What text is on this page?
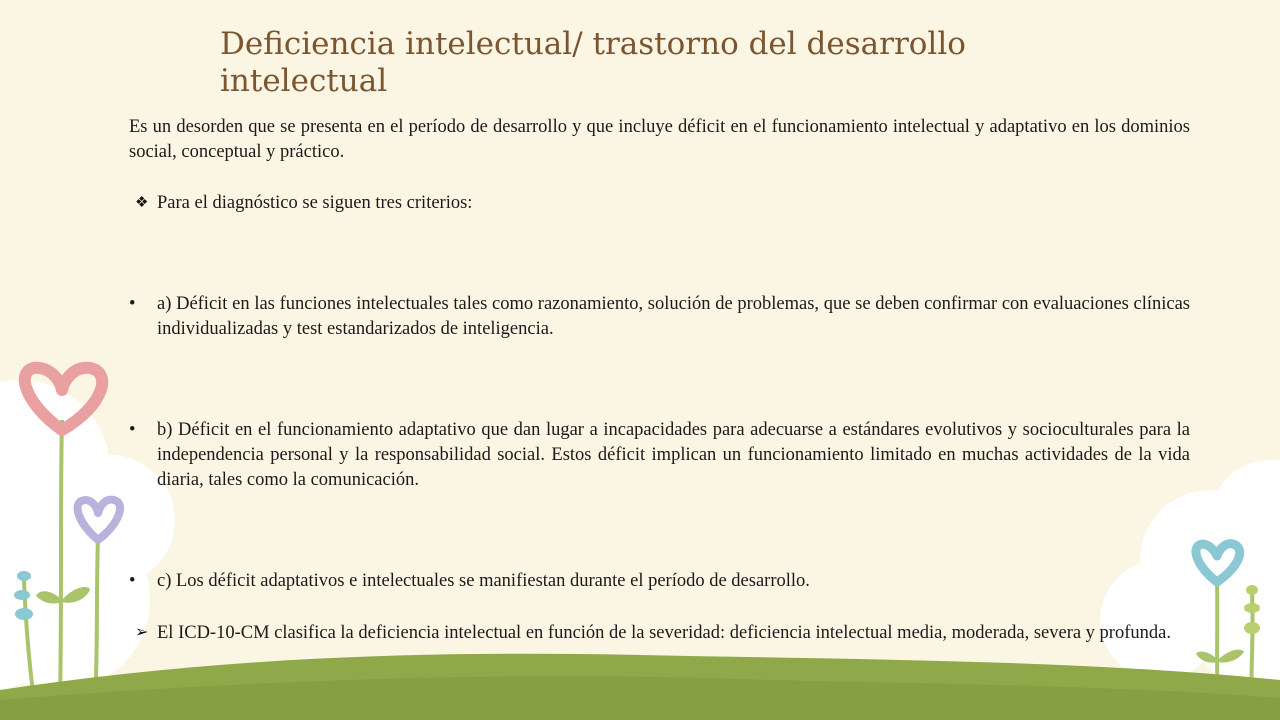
Deficiencia intelectual/ trastorno del desarrollo intelectual

Es un desorden que se presenta en el período de desarrollo y que incluye déficit en el funcionamiento intelectual y adaptativo en los dominios social, conceptual y práctico.

❖ Para el diagnóstico se siguen tres criterios:
•	a) Déficit en las funciones intelectuales tales como razonamiento, solución de problemas, que se deben confirmar con evaluaciones clínicas individualizadas y test estandarizados de inteligencia.
•	b) Déficit en el funcionamiento adaptativo que dan lugar a incapacidades para adecuarse a estándares evolutivos y socioculturales para la independencia personal y la responsabilidad social. Estos déficit implican un funcionamiento limitado en muchas actividades de la vida diaria, tales como la comunicación.
•	c) Los déficit adaptativos e intelectuales se manifiestan durante el período de desarrollo.
➢ El ICD-10-CM clasifica la deficiencia intelectual en función de la severidad: deficiencia intelectual media, moderada, severa y profunda.
